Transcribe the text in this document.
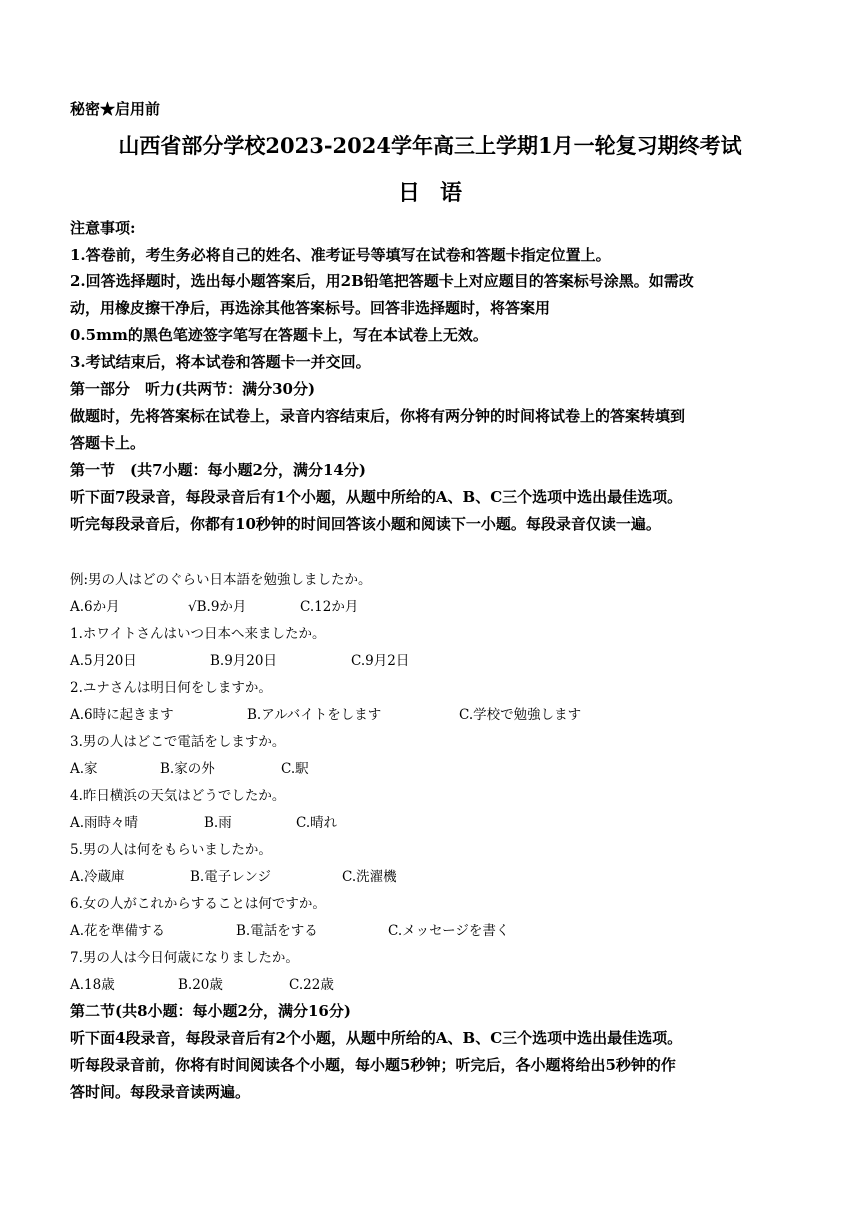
秘密★启用前
山西省部分学校2023-2024学年高三上学期1月一轮复习期终考试
日语
注意事项:
1.答卷前，考生务必将自己的姓名、准考证号等填写在试卷和答题卡指定位置上。
2.回答选择题时，选出每小题答案后，用2B铅笔把答题卡上对应题目的答案标号涂黑。如需改
动，用橡皮擦干净后，再选涂其他答案标号。回答非选择题时，将答案用
0.5mm的黑色笔迹签字笔写在答题卡上，写在本试卷上无效。
3.考试结束后，将本试卷和答题卡一并交回。
第一部分　听力(共两节：满分30分)
做题时，先将答案标在试卷上，录音内容结束后，你将有两分钟的时间将试卷上的答案转填到
答题卡上。
第一节　(共7小题：每小题2分，满分14分)
听下面7段录音，每段录音后有1个小题，从题中所给的A、B、C三个选项中选出最佳选项。
听完每段录音后，你都有10秒钟的时间回答该小题和阅读下一小题。每段录音仅读一遍。
例:男の人はどのぐらい日本語を勉強しましたか。
A.6か月	√B.9か月	C.12か月
1.ホワイトさんはいつ日本へ来ましたか。
A.5月20日	B.9月20日	C.9月2日
2.ユナさんは明日何をしますか。
A.6時に起きます	B.アルバイトをします	C.学校で勉強します
3.男の人はどこで電話をしますか。
A.家	B.家の外	C.駅
4.昨日横浜の天気はどうでしたか。
A.雨時々晴	B.雨	C.晴れ
5.男の人は何をもらいましたか。
A.冷蔵庫	B.電子レンジ	C.洗濯機
6.女の人がこれからすることは何ですか。
A.花を準備する	B.電話をする	C.メッセージを書く
7.男の人は今日何歳になりましたか。
A.18歳	B.20歳	C.22歳
第二节(共8小题：每小题2分，满分16分)
听下面4段录音，每段录音后有2个小题，从题中所给的A、B、C三个选项中选出最佳选项。
听每段录音前，你将有时间阅读各个小题，每小题5秒钟；听完后，各小题将给出5秒钟的作
答时间。每段录音读两遍。
